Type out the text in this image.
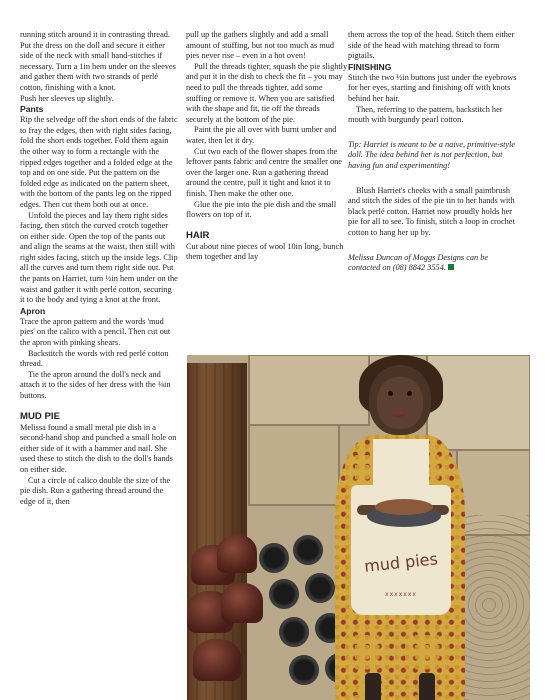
running stitch around it in contrasting thread. Put the dress on the doll and secure it either side of the neck with small hand-stitches if necessary. Turn a 1in hem under on the sleeves and gather them with two strands of perlé cotton, finishing with a knot.

Push her sleeves up slightly.

Pants

Rip the selvedge off the short ends of the fabric to fray the edges, then with right sides facing, fold the short ends together. Fold them again the other way to form a rectangle with the ripped edges together and a folded edge at the top and on one side. Put the pattern on the folded edge as indicated on the pattern sheet, with the bottom of the pants leg on the ripped edges. Then cut them both out at once.

Unfold the pieces and lay them right sides facing, then stitch the curved crotch together on either side. Open the top of the pants out and align the seams at the waist, then still with right sides facing, stitch up the inside legs. Clip all the curves and turn them right side out. Put the pants on Harriet, turn ½in hem under on the waist and gather it with perlé cotton, securing it to the body and tying a knot at the front.

Apron

Trace the apron pattern and the words 'mud pies' on the calico with a pencil. Then cut out the apron with pinking shears.

Backstitch the words with red perlé cotton thread.

Tie the apron around the doll's neck and attach it to the sides of her dress with the ⅜in buttons.

MUD PIE

Melissa found a small metal pie dish in a second-hand shop and punched a small hole on either side of it with a hammer and nail. She used these to stitch the dish to the doll's hands on either side.

Cut a circle of calico double the size of the pie dish. Run a gathering thread around the edge of it, then

pull up the gathers slightly and add a small amount of stuffing, but not too much as mud pies never rise – even in a hot oven!

Pull the threads tighter, squash the pie slightly and put it in the dish to check the fit – you may need to pull the threads tighter, add some stuffing or remove it. When you are satisfied with the shape and fit, tie off the threads securely at the bottom of the pie.

Paint the pie all over with burnt umber and water, then let it dry.

Cut two each of the flower shapes from the leftover pants fabric and centre the smaller one over the larger one. Run a gathering thread around the centre, pull it tight and knot it to finish. Then make the other one.

Glue the pie into the pie dish and the small flowers on top of it.

HAIR

Cut about nine pieces of wool 10in long, bunch them together and lay

them across the top of the head. Stitch them either side of the head with matching thread to form pigtails.

FINISHING

Stitch the two ½in buttons just under the eyebrows for her eyes, starting and finishing off with knots behind her hair.

Then, referring to the pattern, backstitch her mouth with burgundy pearl cotton.

Tip: Harriet is meant to be a naive, primitive-style doll. The idea behind her is not perfection, but having fun and experimenting!

Blush Harriet's cheeks with a small paintbrush and stitch the sides of the pie tin to her hands with black perlé cotton. Harriet now proudly holds her pie for all to see. To finish, stitch a loop in crochet cotton to hang her up by.

Melissa Duncan of Moggs Designs can be contacted on (08) 8842 3554.

mud pies
xxxxxxx
